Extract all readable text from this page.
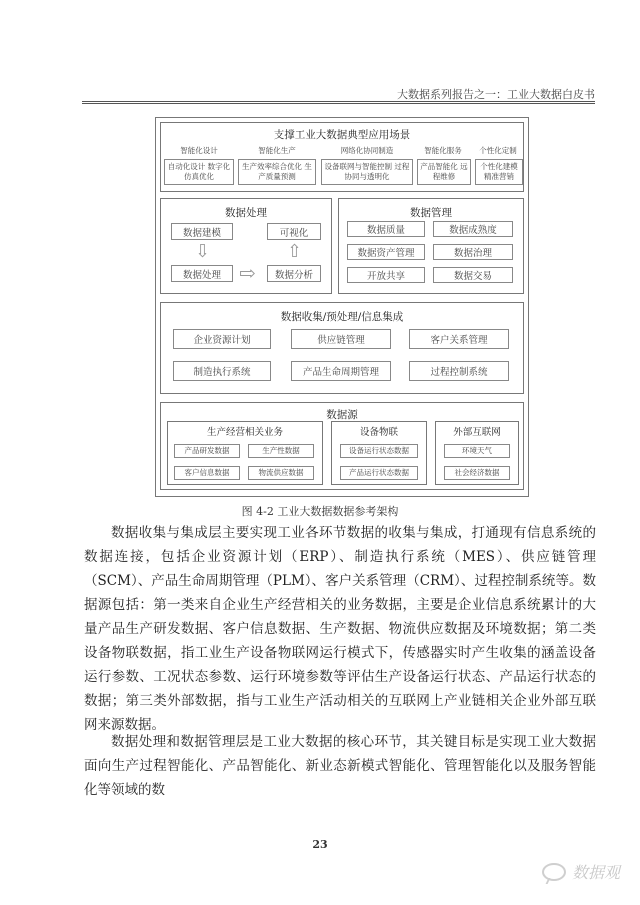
大数据系列报告之一：工业大数据白皮书
支撑工业大数据典型应用场景
智能化设计	智能化生产	网络化协同制造	智能化服务	个性化定制
自动化设计 数字化仿真优化
生产效率综合优化 生产质量预测
设备联网与智能控制 过程协同与透明化
产品智能化 远程维修
个性化建模 精准营销
数据处理
数据建模	可视化
⇩	⇧
数据处理 ⇨	数据分析
数据管理
数据质量	数据成熟度
数据资产管理	数据治理
开放共享	数据交易
数据收集/预处理/信息集成
企业资源计划	供应链管理	客户关系管理
制造执行系统	产品生命周期管理	过程控制系统
数据源
生产经营相关业务
产品研发数据	生产性数据
客户信息数据	物流供应数据
设备物联
设备运行状态数据
产品运行状态数据
外部互联网
环境天气
社会经济数据
图 4-2 工业大数据数据参考架构

数据收集与集成层主要实现工业各环节数据的收集与集成，打通现有信息系统的数据连接，包括企业资源计划（ERP）、制造执行系统（MES）、供应链管理（SCM）、产品生命周期管理（PLM）、客户关系管理（CRM）、过程控制系统等。数据源包括：第一类来自企业生产经营相关的业务数据，主要是企业信息系统累计的大量产品生产研发数据、客户信息数据、生产数据、物流供应数据及环境数据；第二类设备物联数据，指工业生产设备物联网运行模式下，传感器实时产生收集的涵盖设备运行参数、工况状态参数、运行环境参数等评估生产设备运行状态、产品运行状态的数据；第三类外部数据，指与工业生产活动相关的互联网上产业链相关企业外部互联网来源数据。

数据处理和数据管理层是工业大数据的核心环节，其关键目标是实现工业大数据面向生产过程智能化、产品智能化、新业态新模式智能化、管理智能化以及服务智能化等领域的数

23
数据观
